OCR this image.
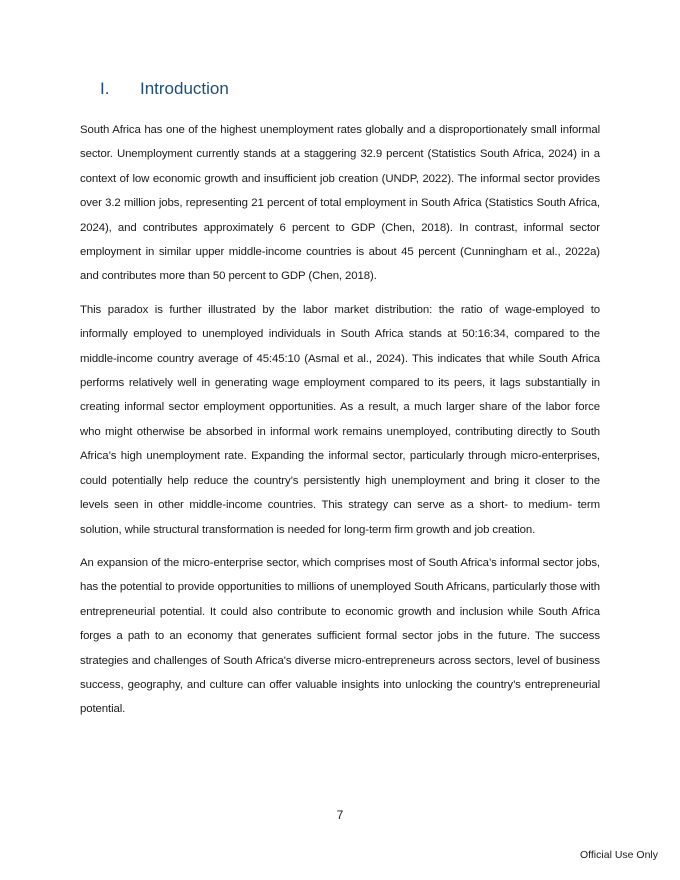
I.	Introduction

South Africa has one of the highest unemployment rates globally and a disproportionately small informal sector. Unemployment currently stands at a staggering 32.9 percent (Statistics South Africa, 2024) in a context of low economic growth and insufficient job creation (UNDP, 2022). The informal sector provides over 3.2 million jobs, representing 21 percent of total employment in South Africa (Statistics South Africa, 2024), and contributes approximately 6 percent to GDP (Chen, 2018). In contrast, informal sector employment in similar upper middle-income countries is about 45 percent (Cunningham et al., 2022a) and contributes more than 50 percent to GDP (Chen, 2018).

This paradox is further illustrated by the labor market distribution: the ratio of wage-employed to informally employed to unemployed individuals in South Africa stands at 50:16:34, compared to the middle-income country average of 45:45:10 (Asmal et al., 2024). This indicates that while South Africa performs relatively well in generating wage employment compared to its peers, it lags substantially in creating informal sector employment opportunities. As a result, a much larger share of the labor force who might otherwise be absorbed in informal work remains unemployed, contributing directly to South Africa’s high unemployment rate. Expanding the informal sector, particularly through micro-enterprises, could potentially help reduce the country’s persistently high unemployment and bring it closer to the levels seen in other middle-income countries. This strategy can serve as a short- to medium- term solution, while structural transformation is needed for long-term firm growth and job creation.

An expansion of the micro-enterprise sector, which comprises most of South Africa’s informal sector jobs, has the potential to provide opportunities to millions of unemployed South Africans, particularly those with entrepreneurial potential. It could also contribute to economic growth and inclusion while South Africa forges a path to an economy that generates sufficient formal sector jobs in the future. The success strategies and challenges of South Africa's diverse micro-entrepreneurs across sectors, level of business success, geography, and culture can offer valuable insights into unlocking the country’s entrepreneurial potential.

7
Official Use Only
